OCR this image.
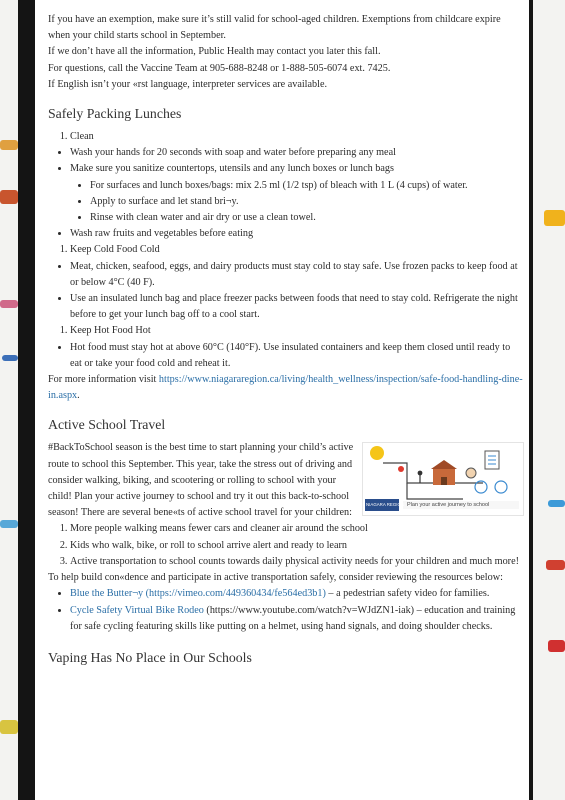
If you have an exemption, make sure it’s still valid for school-aged children. Exemptions from childcare expire when your child starts school in September.

If we don’t have all the information, Public Health may contact you later this fall.

For questions, call the Vaccine Team at 905-688-8248 or 1-888-505-6074 ext. 7425.

If English isn’t your «rst language, interpreter services are available.

Safely Packing Lunches
1. Clean
• Wash your hands for 20 seconds with soap and water before preparing any meal
• Make sure you sanitize countertops, utensils and any lunch boxes or lunch bags
• For surfaces and lunch boxes/bags: mix 2.5 ml (1/2 tsp) of bleach with 1 L (4 cups) of water.
• Apply to surface and let stand bri¬y.
• Rinse with clean water and air dry or use a clean towel.
• Wash raw fruits and vegetables before eating
1. Keep Cold Food Cold
• Meat, chicken, seafood, eggs, and dairy products must stay cold to stay safe. Use frozen packs to keep food at or below 4°C (40 F).
• Use an insulated lunch bag and place freezer packs between foods that need to stay cold. Refrigerate the night before to get your lunch bag off to a cool start.
1. Keep Hot Food Hot
• Hot food must stay hot at above 60°C (140°F). Use insulated containers and keep them closed until ready to eat or take your food cold and reheat it.

For more information visit https://www.niagararegion.ca/living/health_wellness/inspection/safe-food-handling-dine-in.aspx.

Active School Travel
NIAGARA REGION Plan your active journey to school

#BackToSchool season is the best time to start planning your child’s active route to school this September. This year, take the stress out of driving and consider walking, biking, and scootering or rolling to school with your child! Plan your active journey to school and try it out this back-to-school season! There are several bene«ts of active school travel for your children:

1. More people walking means fewer cars and cleaner air around the school
2. Kids who walk, bike, or roll to school arrive alert and ready to learn
3. Active transportation to school counts towards daily physical activity needs for your children and much more!

To help build con«dence and participate in active transportation safely, consider reviewing the resources below:

• Blue the Butter¬y (https://vimeo.com/449360434/fe564ed3b1) – a pedestrian safety video for families.
• Cycle Safety Virtual Bike Rodeo (https://www.youtube.com/watch?v=WJdZN1-iak) – education and training for safe cycling featuring skills like putting on a helmet, using hand signals, and doing shoulder checks.
Vaping Has No Place in Our Schools
